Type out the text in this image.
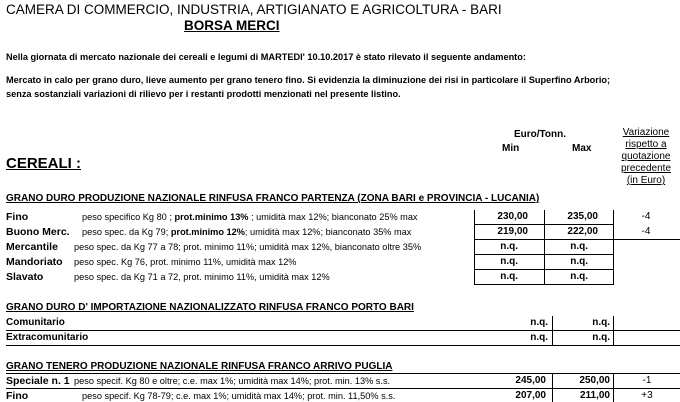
CAMERA DI COMMERCIO, INDUSTRIA, ARTIGIANATO E AGRICOLTURA - BARI
BORSA MERCI
Nella giornata di mercato nazionale dei cereali e legumi di MARTEDI' 10.10.2017 è stato rilevato il seguente andamento:
Mercato in calo per grano duro, lieve aumento per grano tenero fino. Si evidenzia la diminuzione dei risi in particolare il Superfino Arborio;
senza sostanziali variazioni di rilievo per i restanti prodotti menzionati nel presente listino.
Euro/Tonn.
Min	Max
Variazione
rispetto a
quotazione
precedente
(in Euro)
CEREALI :
GRANO DURO PRODUZIONE NAZIONALE RINFUSA FRANCO PARTENZA (ZONA BARI e PROVINCIA - LUCANIA)
Fino	peso specifico Kg 80 ; prot.minimo 13% ; umidità max 12%; bianconato 25% max	230,00	235,00	-4
Buono Merc. peso spec. da Kg 79; prot.minimo 12%; umidità max 12%; bianconato 35% max	219,00	222,00	-4
Mercantile peso spec. da Kg 77 a 78; prot. minimo 11%; umidità max 12%, bianconato oltre 35%	n.q.	n.q.
Mandoriato peso spec. Kg 76, prot. minimo 11%, umidità max 12%	n.q.	n.q.
Slavato	peso spec. da Kg 71 a 72, prot. minimo 11%, umidità max 12%	n.q.	n.q.
GRANO DURO D' IMPORTAZIONE NAZIONALIZZATO RINFUSA FRANCO PORTO BARI
Comunitario	n.q.	n.q.
Extracomunitario	n.q.	n.q.
GRANO TENERO PRODUZIONE NAZIONALE RINFUSA FRANCO ARRIVO PUGLIA
Speciale n. 1 peso specif. Kg 80 e oltre; c.e. max 1%; umidità max 14%; prot. min. 13% s.s.	245,00	250,00	-1
Fino	peso specif. Kg 78-79; c.e. max 1%; umidità max 14%; prot. min. 11,50% s.s.	207,00	211,00	+3
